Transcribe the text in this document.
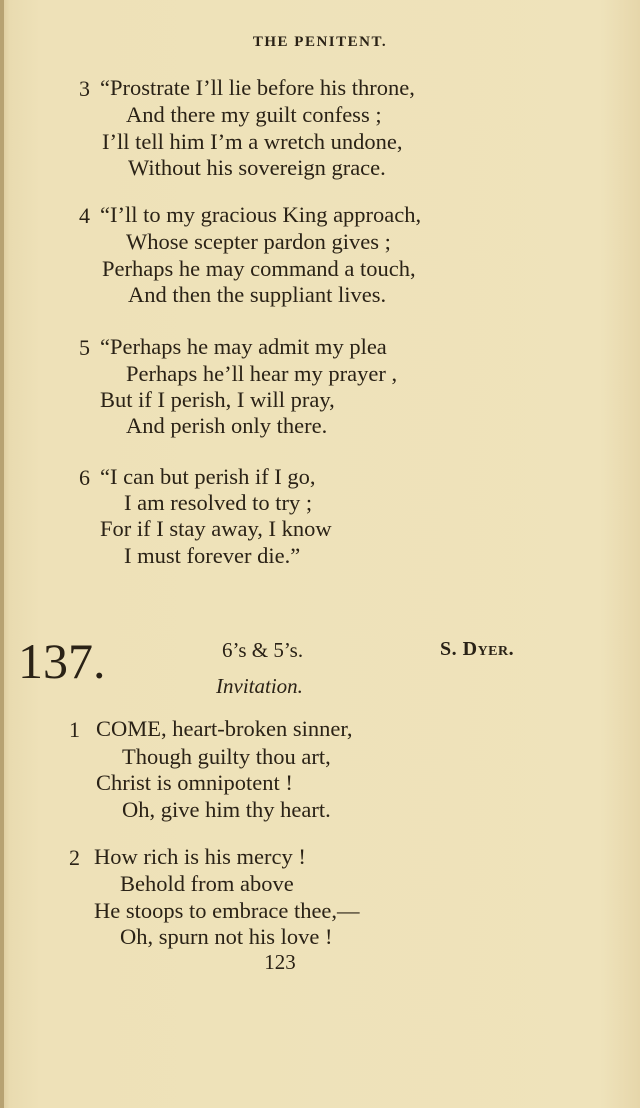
THE PENITENT.
3 “Prostrate I’ll lie before his throne,
And there my guilt confess ;
I’ll tell him I’m a wretch undone,
Without his sovereign grace.
4 “I’ll to my gracious King approach,
Whose scepter pardon gives ;
Perhaps he may command a touch,
And then the suppliant lives.
5 “Perhaps he may admit my plea
Perhaps he’ll hear my prayer ,
But if I perish, I will pray,
And perish only there.
6 “I can but perish if I go,
I am resolved to try ;
For if I stay away, I know
I must forever die.”
137.	6’s & 5’s.	S. Dyer.
Invitation.
1 COME, heart-broken sinner,
Though guilty thou art,
Christ is omnipotent !
Oh, give him thy heart.
2 How rich is his mercy !
Behold from above
He stoops to embrace thee,—
Oh, spurn not his love !
123
